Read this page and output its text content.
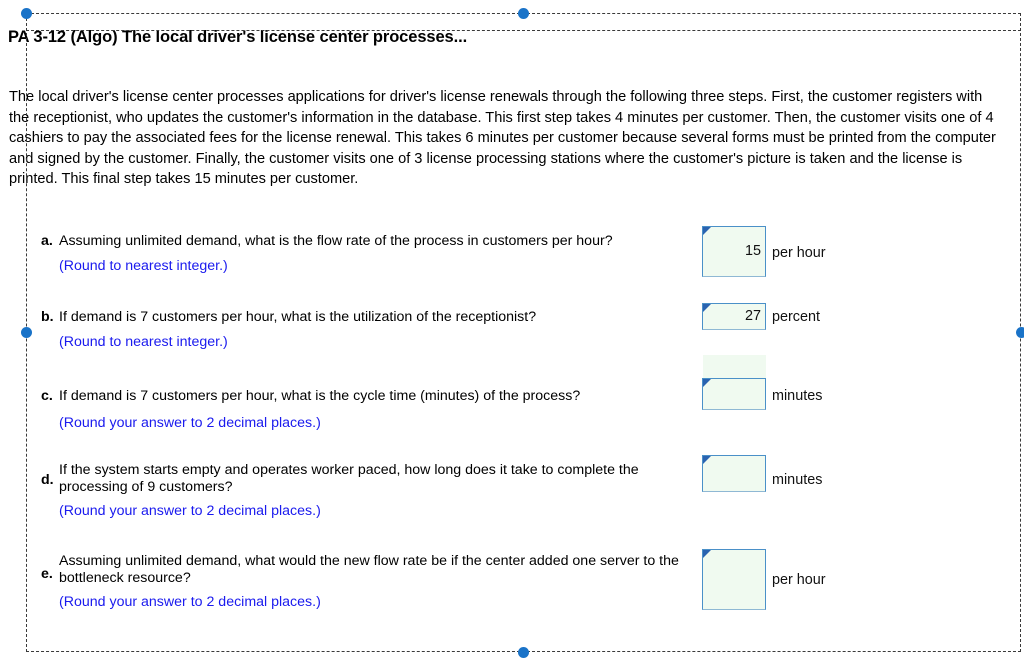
PA 3-12 (Algo) The local driver's license center processes...
The local driver's license center processes applications for driver's license renewals through the following three steps. First, the customer registers with the receptionist, who updates the customer's information in the database. This first step takes 4 minutes per customer. Then, the customer visits one of 4 cashiers to pay the associated fees for the license renewal. This takes 6 minutes per customer because several forms must be printed from the computer and signed by the customer. Finally, the customer visits one of 3 license processing stations where the customer's picture is taken and the license is printed. This final step takes 15 minutes per customer.
a. Assuming unlimited demand, what is the flow rate of the process in customers per hour?
(Round to nearest integer.)
15 per hour
b. If demand is 7 customers per hour, what is the utilization of the receptionist?
(Round to nearest integer.)
27 percent
c. If demand is 7 customers per hour, what is the cycle time (minutes) of the process?
(Round your answer to 2 decimal places.)
minutes
d.
If the system starts empty and operates worker paced, how long does it take to complete the processing of 9 customers?
(Round your answer to 2 decimal places.)
minutes
e.
Assuming unlimited demand, what would the new flow rate be if the center added one server to the bottleneck resource?
(Round your answer to 2 decimal places.)
per hour
